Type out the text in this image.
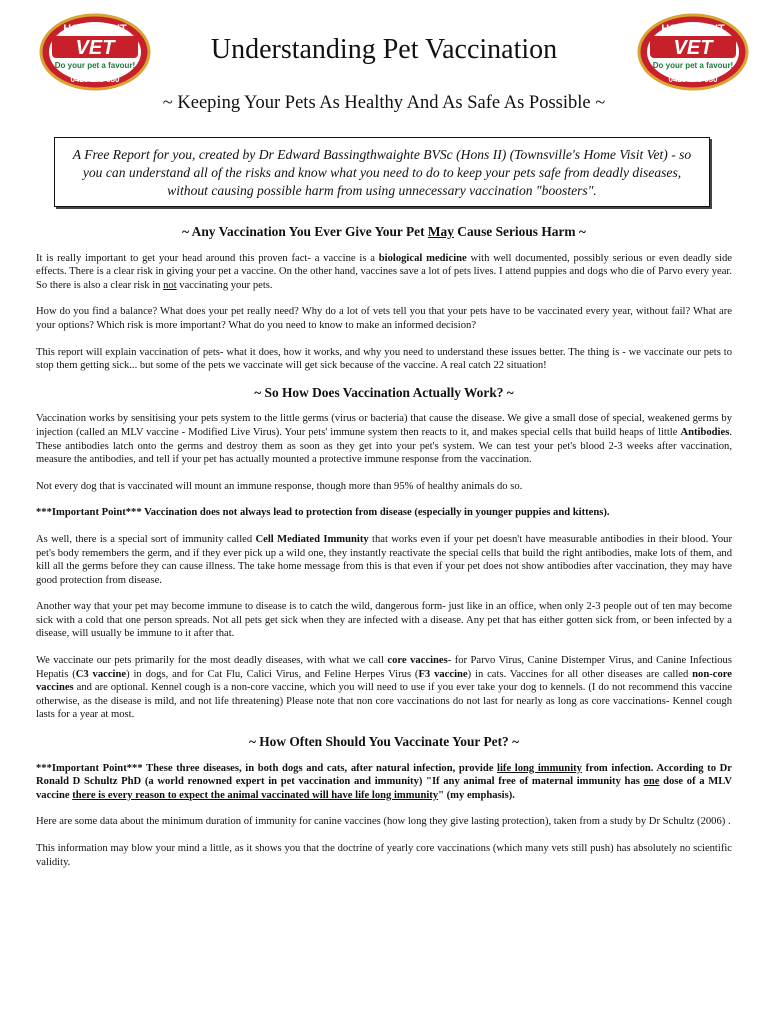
HOME VISIT
VET
Do your pet a favour!
0428 278 630
Understanding Pet Vaccination
HOME VISIT
VET
Do your pet a favour!
0428 278 630
~ Keeping Your Pets As Healthy And As Safe As Possible ~
A Free Report for you, created by Dr Edward Bassingthwaighte BVSc (Hons II) (Townsville's Home Visit Vet) - so you can understand all of the risks and know what you need to do to keep your pets safe from deadly diseases, without causing possible harm from using unnecessary vaccination "boosters".
~ Any Vaccination You Ever Give Your Pet May Cause Serious Harm ~

It is really important to get your head around this proven fact- a vaccine is a biological medicine with well documented, possibly serious or even deadly side effects. There is a clear risk in giving your pet a vaccine. On the other hand, vaccines save a lot of pets lives. I attend puppies and dogs who die of Parvo every year. So there is also a clear risk in not vaccinating your pets.

How do you find a balance? What does your pet really need? Why do a lot of vets tell you that your pets have to be vaccinated every year, without fail? What are your options? Which risk is more important? What do you need to know to make an informed decision?

This report will explain vaccination of pets- what it does, how it works, and why you need to understand these issues better. The thing is - we vaccinate our pets to stop them getting sick... but some of the pets we vaccinate will get sick because of the vaccine. A real catch 22 situation!

~ So How Does Vaccination Actually Work? ~

Vaccination works by sensitising your pets system to the little germs (virus or bacteria) that cause the disease. We give a small dose of special, weakened germs by injection (called an MLV vaccine - Modified Live Virus). Your pets' immune system then reacts to it, and makes special cells that build heaps of little Antibodies. These antibodies latch onto the germs and destroy them as soon as they get into your pet's system. We can test your pet's blood 2-3 weeks after vaccination, measure the antibodies, and tell if your pet has actually mounted a protective immune response from the vaccination.

Not every dog that is vaccinated will mount an immune response, though more than 95% of healthy animals do so.

***Important Point*** Vaccination does not always lead to protection from disease (especially in younger puppies and kittens).

As well, there is a special sort of immunity called Cell Mediated Immunity that works even if your pet doesn't have measurable antibodies in their blood. Your pet's body remembers the germ, and if they ever pick up a wild one, they instantly reactivate the special cells that build the right antibodies, make lots of them, and kill all the germs before they can cause illness. The take home message from this is that even if your pet does not show antibodies after vaccination, they may have good protection from disease.

Another way that your pet may become immune to disease is to catch the wild, dangerous form- just like in an office, when only 2-3 people out of ten may become sick with a cold that one person spreads. Not all pets get sick when they are infected with a disease. Any pet that has either gotten sick from, or been infected by a disease, will usually be immune to it after that.

We vaccinate our pets primarily for the most deadly diseases, with what we call core vaccines- for Parvo Virus, Canine Distemper Virus, and Canine Infectious Hepatis (C3 vaccine) in dogs, and for Cat Flu, Calici Virus, and Feline Herpes Virus (F3 vaccine) in cats. Vaccines for all other diseases are called non-core vaccines and are optional. Kennel cough is a non-core vaccine, which you will need to use if you ever take your dog to kennels. (I do not recommend this vaccine otherwise, as the disease is mild, and not life threatening) Please note that non core vaccinations do not last for nearly as long as core vaccinations- Kennel cough lasts for a year at most.

~ How Often Should You Vaccinate Your Pet? ~

***Important Point*** These three diseases, in both dogs and cats, after natural infection, provide life long immunity from infection. According to Dr Ronald D Schultz PhD (a world renowned expert in pet vaccination and immunity) "If any animal free of maternal immunity has one dose of a MLV vaccine there is every reason to expect the animal vaccinated will have life long immunity" (my emphasis).

Here are some data about the minimum duration of immunity for canine vaccines (how long they give lasting protection), taken from a study by Dr Schultz (2006) .

This information may blow your mind a little, as it shows you that the doctrine of yearly core vaccinations (which many vets still push) has absolutely no scientific validity.
